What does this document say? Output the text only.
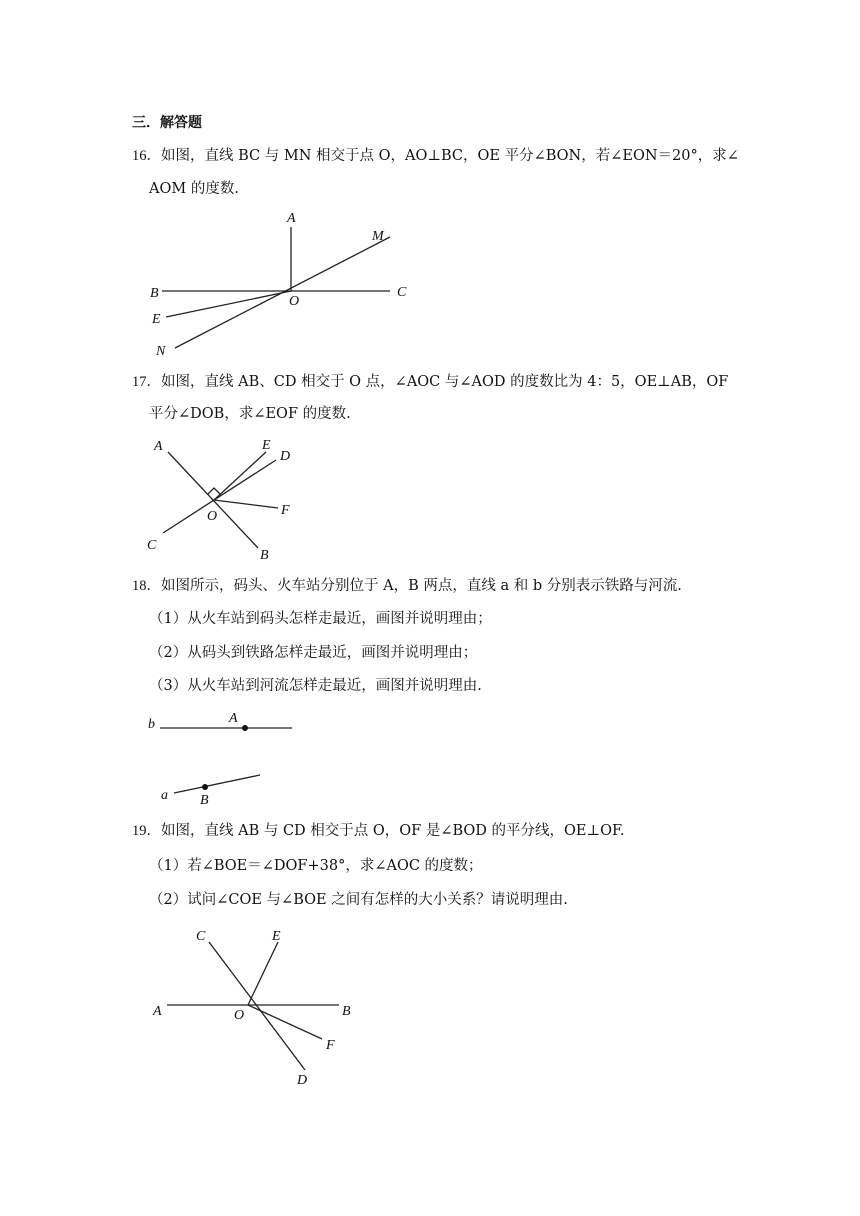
三．解答题
16．如图，直线 BC 与 MN 相交于点 O，AO⊥BC，OE 平分∠BON，若∠EON＝20°，求∠
AOM 的度数.
A
M
B
O
C
E
N
17．如图，直线 AB、CD 相交于 O 点，∠AOC 与∠AOD 的度数比为 4：5，OE⊥AB，OF
平分∠DOB，求∠EOF 的度数.
A	E
D
O	F
C
B
18．如图所示，码头、火车站分别位于 A，B 两点，直线 a 和 b 分别表示铁路与河流.
（1）从火车站到码头怎样走最近，画图并说明理由；
（2）从码头到铁路怎样走最近，画图并说明理由；
（3）从火车站到河流怎样走最近，画图并说明理由.
b	A
a B
19．如图，直线 AB 与 CD 相交于点 O，OF 是∠BOD 的平分线，OE⊥OF.
（1）若∠BOE＝∠DOF+38°，求∠AOC 的度数；
（2）试问∠COE 与∠BOE 之间有怎样的大小关系？请说明理由.
C	E
A	O	B
F
D
